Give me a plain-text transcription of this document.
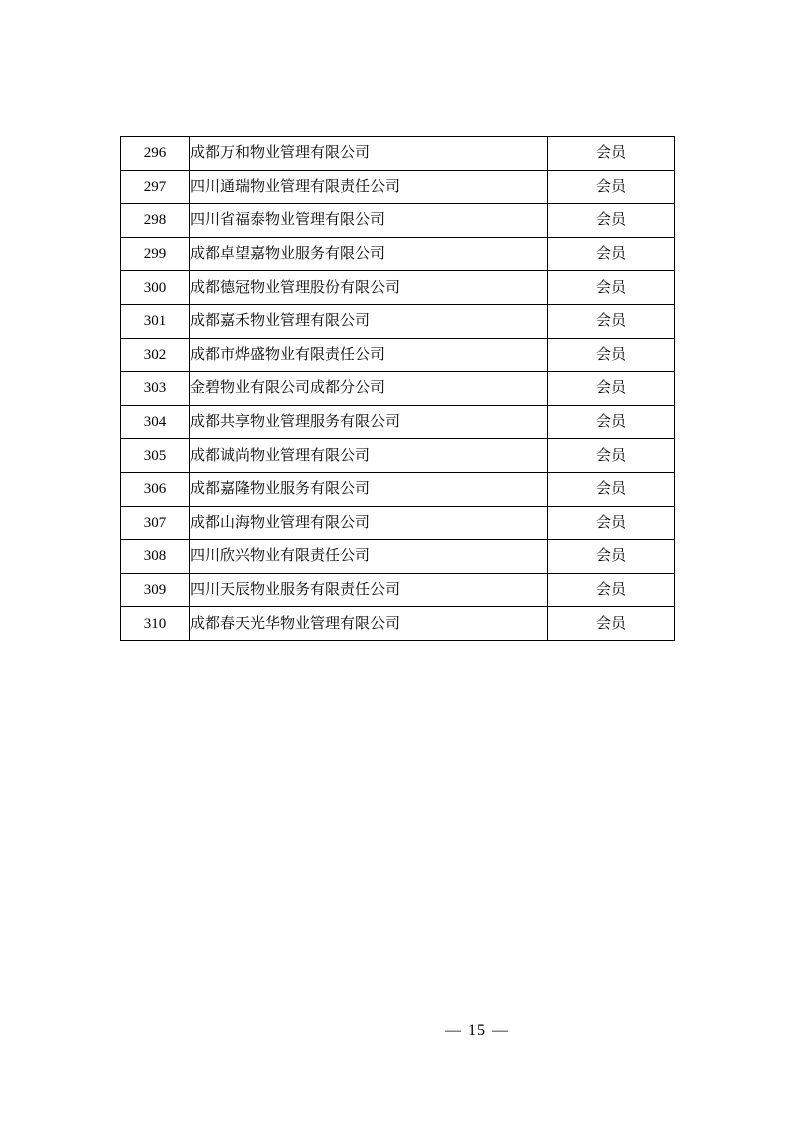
296	成都万和物业管理有限公司	会员
297	四川通瑞物业管理有限责任公司	会员
298	四川省福泰物业管理有限公司	会员
299	成都卓望嘉物业服务有限公司	会员
300	成都德冠物业管理股份有限公司	会员
301	成都嘉禾物业管理有限公司	会员
302	成都市烨盛物业有限责任公司	会员
303	金碧物业有限公司成都分公司	会员
304	成都共享物业管理服务有限公司	会员
305	成都诚尚物业管理有限公司	会员
306	成都嘉隆物业服务有限公司	会员
307	成都山海物业管理有限公司	会员
308	四川欣兴物业有限责任公司	会员
309	四川天辰物业服务有限责任公司	会员
310	成都春天光华物业管理有限公司	会员
— 15 —
